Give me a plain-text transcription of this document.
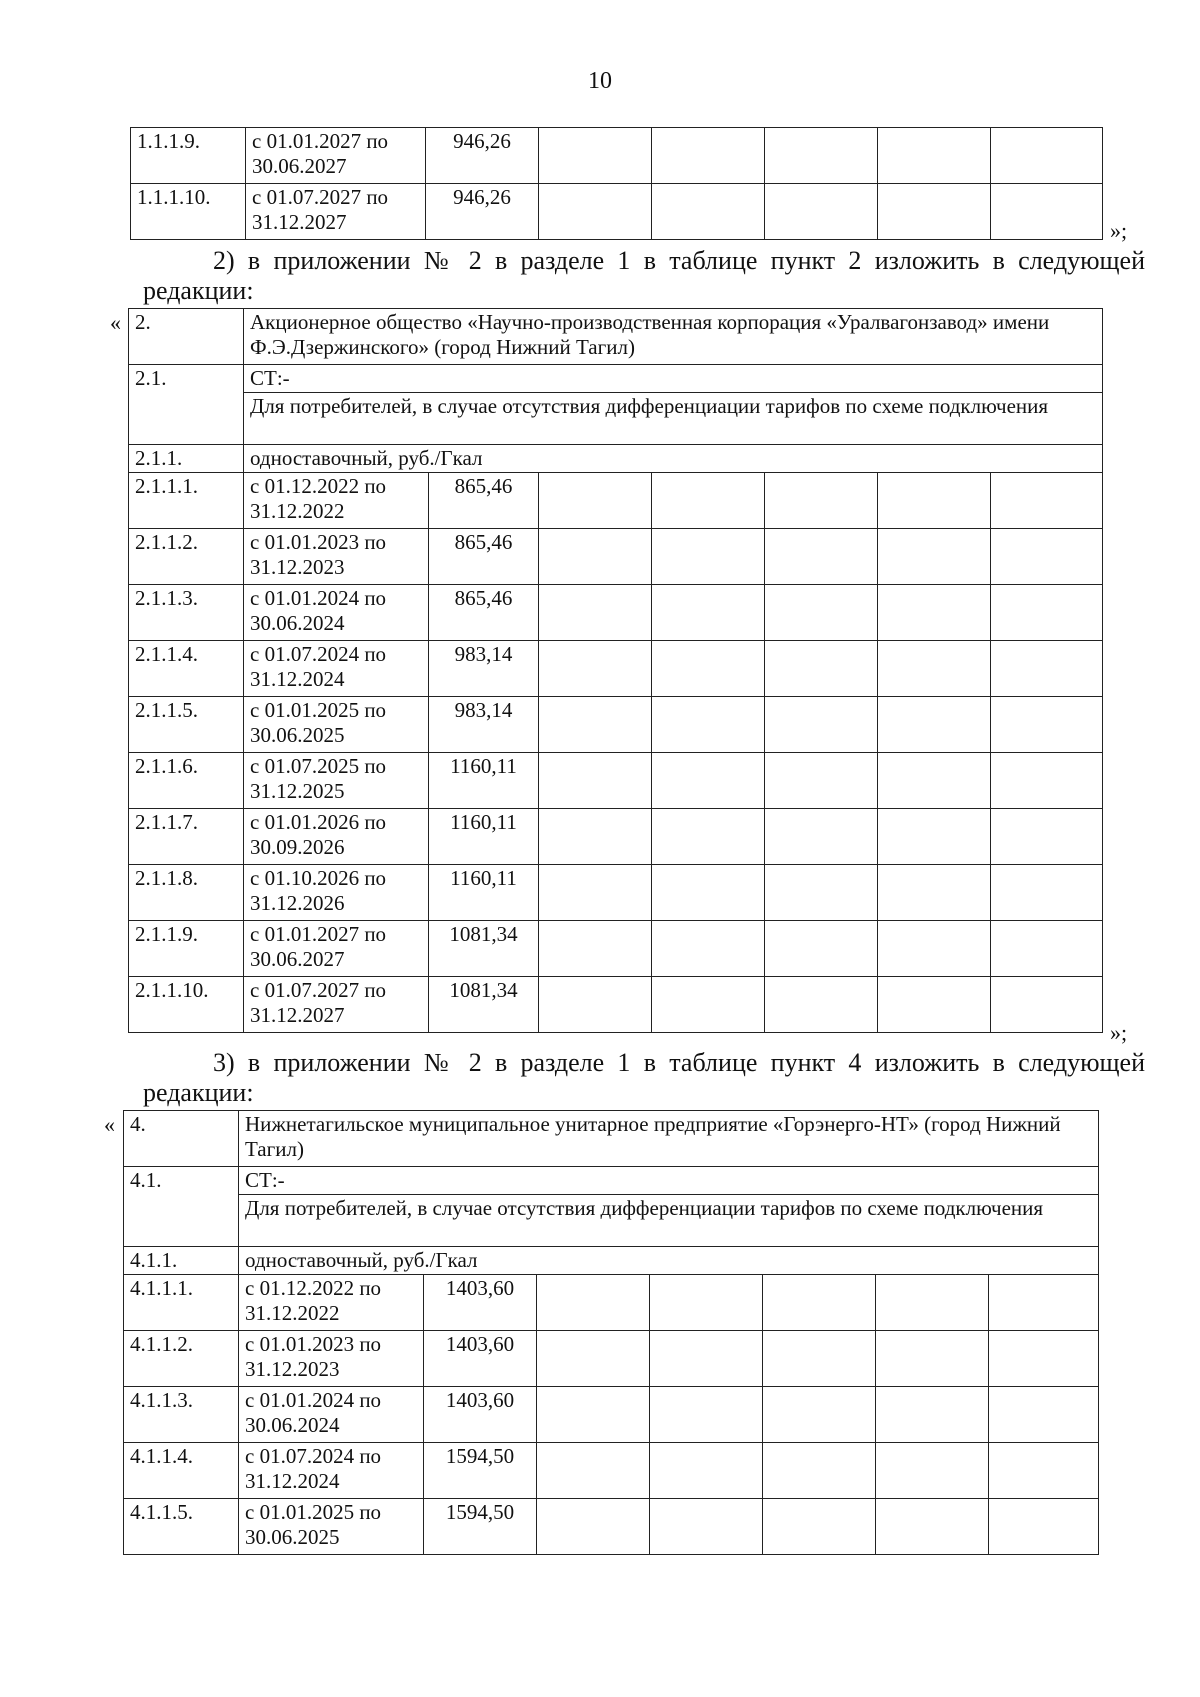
10
1.1.1.9.	с 01.01.2027 по 30.06.2027	946,26					
1.1.1.10.	с 01.07.2027 по 31.12.2027	946,26					
»;
2) в приложении № 2 в разделе 1 в таблице пункт 2 изложить в следующей
редакции:
« 2.	Акционерное общество «Научно-производственная корпорация «Уралвагонзавод» имени Ф.Э.Дзержинского» (город Нижний Тагил)						
2.1.	СТ:-						
	Для потребителей, в случае отсутствия дифференциации тарифов по схеме подключения						
2.1.1.	одноставочный, руб./Гкал						
2.1.1.1.	с 01.12.2022 по 31.12.2022	865,46					
2.1.1.2.	с 01.01.2023 по 31.12.2023	865,46					
2.1.1.3.	с 01.01.2024 по 30.06.2024	865,46					
2.1.1.4.	с 01.07.2024 по 31.12.2024	983,14					
2.1.1.5.	с 01.01.2025 по 30.06.2025	983,14					
2.1.1.6.	с 01.07.2025 по 31.12.2025	1160,11					
2.1.1.7.	с 01.01.2026 по 30.09.2026	1160,11					
2.1.1.8.	с 01.10.2026 по 31.12.2026	1160,11					
2.1.1.9.	с 01.01.2027 по 30.06.2027	1081,34					
2.1.1.10.	с 01.07.2027 по 31.12.2027	1081,34					
»;
3) в приложении № 2 в разделе 1 в таблице пункт 4 изложить в следующей
редакции:
« 4.	Нижнетагильское муниципальное унитарное предприятие «Горэнерго-НТ» (город Нижний Тагил)						
4.1.	СТ:-						
	Для потребителей, в случае отсутствия дифференциации тарифов по схеме подключения						
4.1.1.	одноставочный, руб./Гкал						
4.1.1.1.	с 01.12.2022 по 31.12.2022	1403,60					
4.1.1.2.	с 01.01.2023 по 31.12.2023	1403,60					
4.1.1.3.	с 01.01.2024 по 30.06.2024	1403,60					
4.1.1.4.	с 01.07.2024 по 31.12.2024	1594,50					
4.1.1.5.	с 01.01.2025 по 30.06.2025	1594,50					
